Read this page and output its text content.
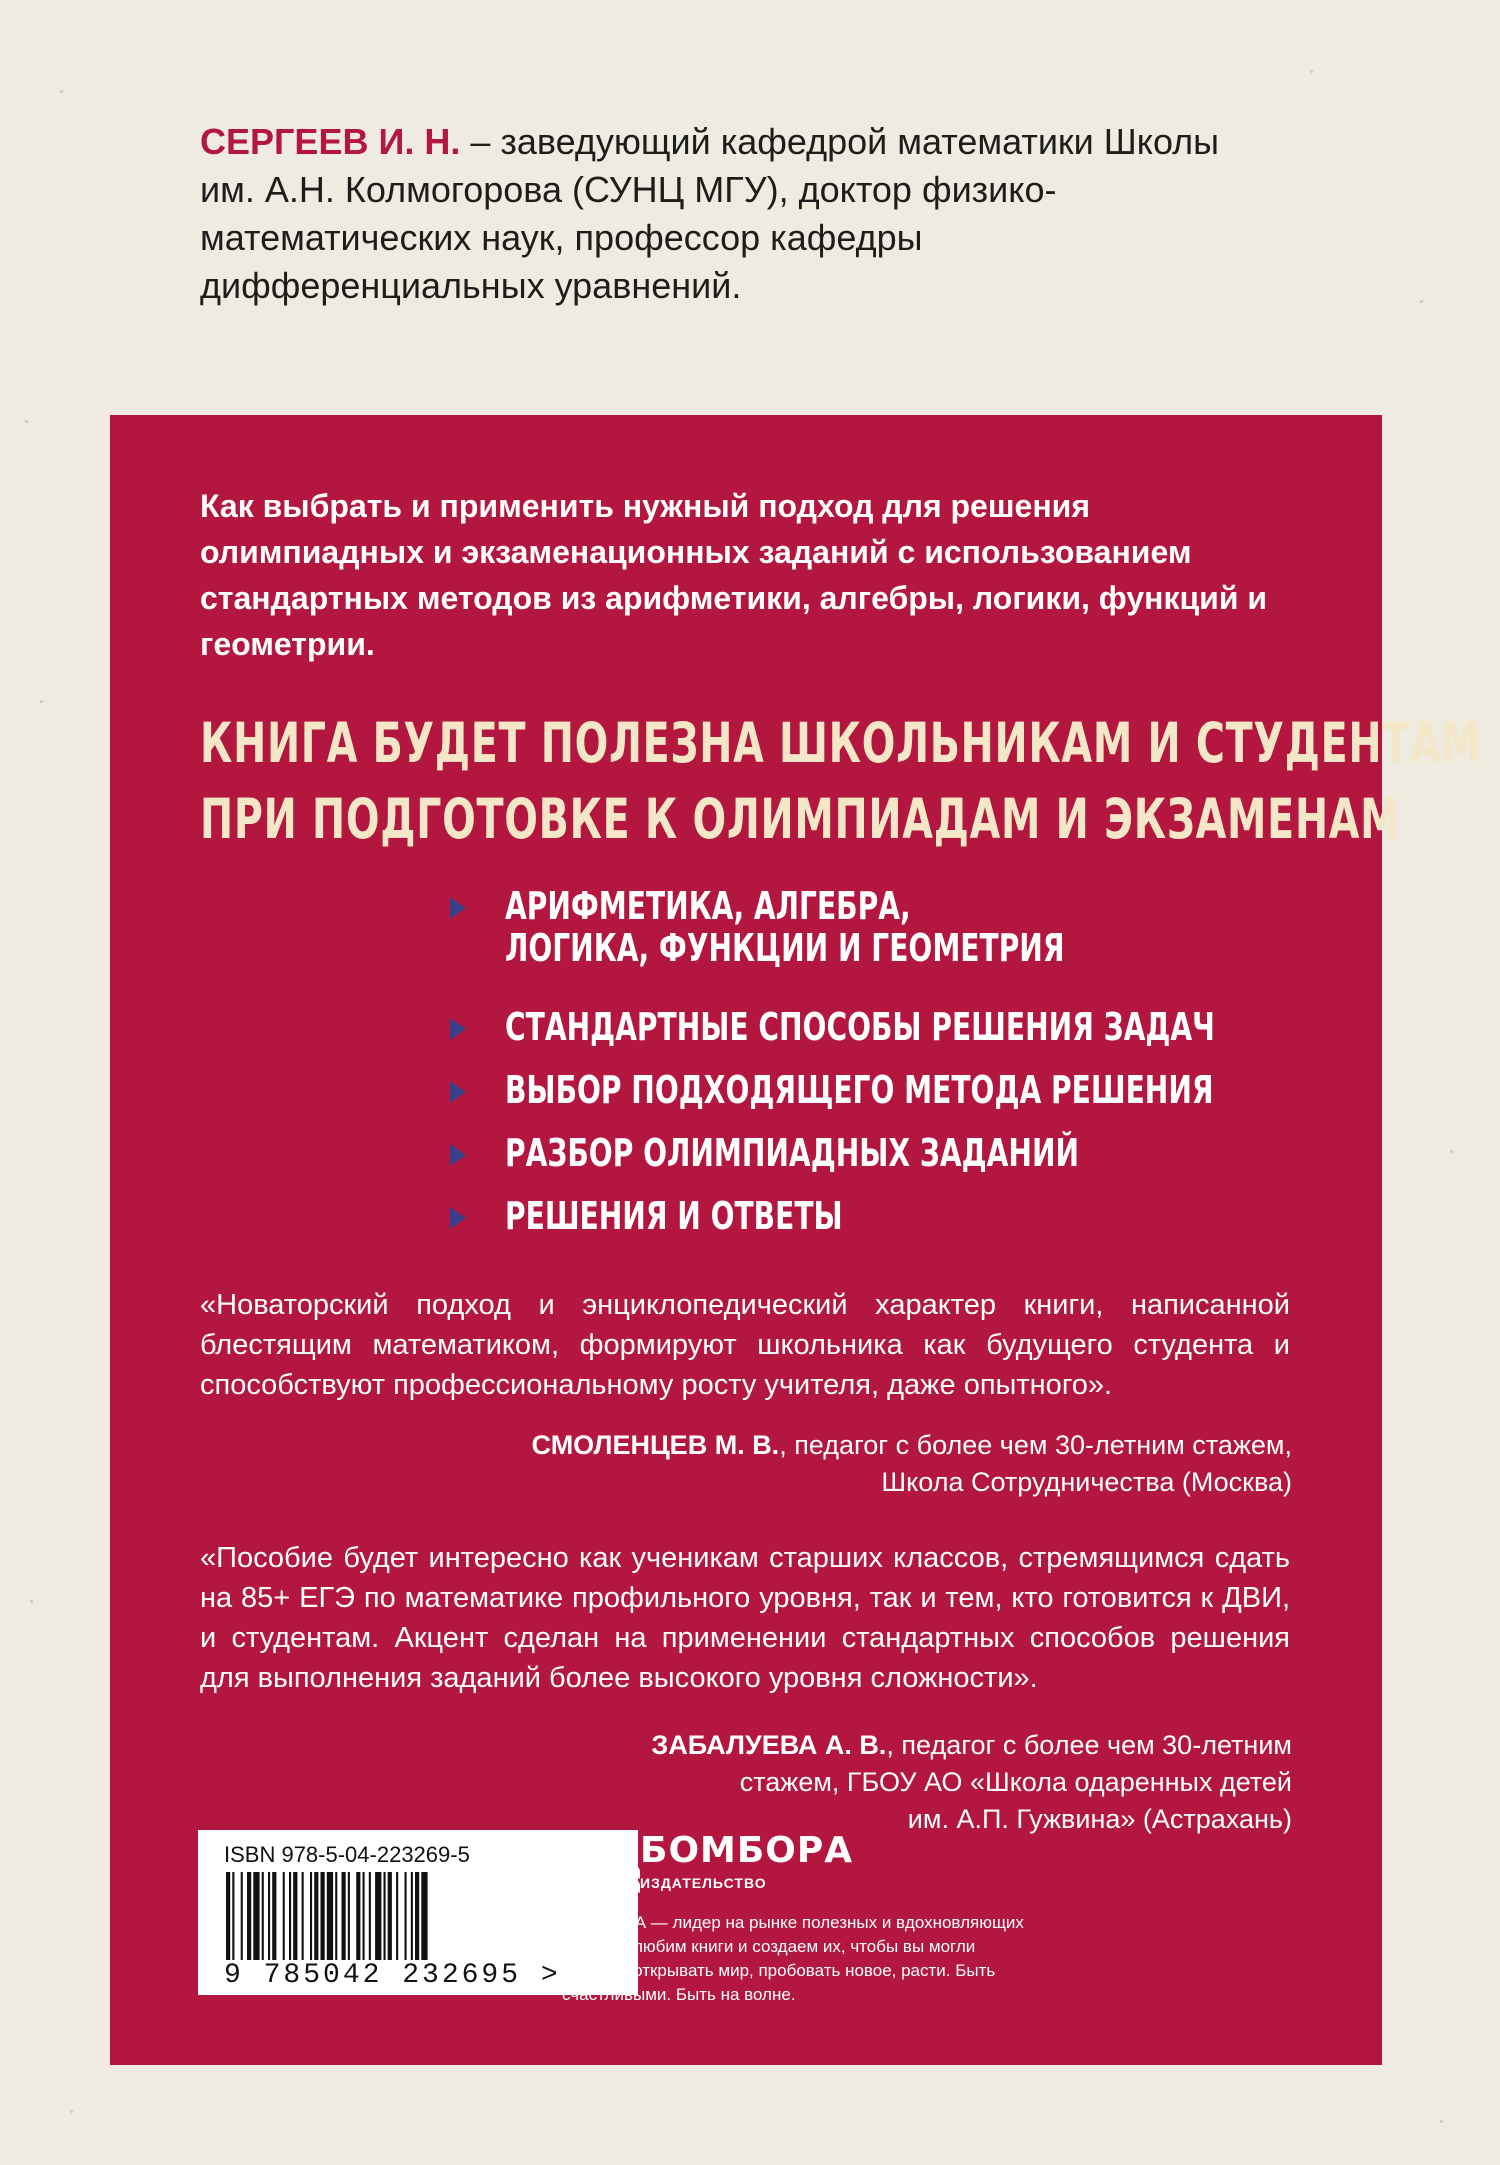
СЕРГЕЕВ И. Н. – заведующий кафедрой математики Школы им. А.Н. Колмогорова (СУНЦ МГУ), доктор физико-математических наук, профессор кафедры дифференциальных уравнений.

Как выбрать и применить нужный подход для решения олимпиадных и экзаменационных заданий с использованием стандартных методов из арифметики, алгебры, логики, функций и геометрии.

КНИГА БУДЕТ ПОЛЕЗНА ШКОЛЬНИКАМ И СТУДЕНТАМ
ПРИ ПОДГОТОВКЕ К ОЛИМПИАДАМ И ЭКЗАМЕНАМ
АРИФМЕТИКА, АЛГЕБРА,
ЛОГИКА, ФУНКЦИИ И ГЕОМЕТРИЯ
СТАНДАРТНЫЕ СПОСОБЫ РЕШЕНИЯ ЗАДАЧ
ВЫБОР ПОДХОДЯЩЕГО МЕТОДА РЕШЕНИЯ
РАЗБОР ОЛИМПИАДНЫХ ЗАДАНИЙ
РЕШЕНИЯ И ОТВЕТЫ

«Новаторский подход и энциклопедический характер книги, написанной блестящим математиком, формируют школьника как будущего студента и способствуют профессиональному росту учителя, даже опытного».

СМОЛЕНЦЕВ М. В., педагог с более чем 30-летним стажем,
Школа Сотрудничества (Москва)

«Пособие будет интересно как ученикам старших классов, стремящимся сдать на 85+ ЕГЭ по математике профильного уровня, так и тем, кто готовится к ДВИ, и студентам. Акцент сделан на применении стандартных способов решения для выполнения заданий более высокого уровня сложности».

ЗАБАЛУЕВА А. В., педагог с более чем 30-летним
стажем, ГБОУ АО «Школа одаренных детей
им. А.П. Гужвина» (Астрахань)
ISBN 978-5-04-223269-5
9 785042 232695 >
БОМБОРА
ИЗДАТЕЛЬСТВО

БОМБОРА — лидер на рынке полезных и вдохновляющих книг. Мы любим книги и создаем их, чтобы вы могли творить, открывать мир, пробовать новое, расти. Быть счастливыми. Быть на волне.
